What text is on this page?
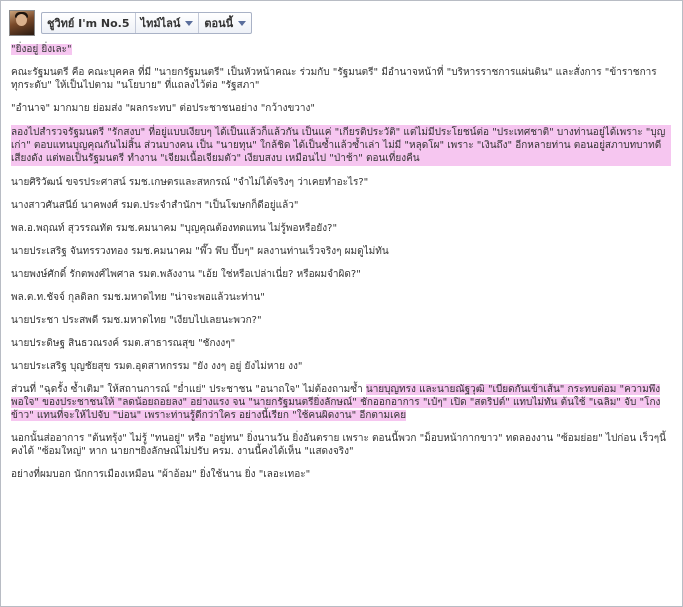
ชูวิทย์ I'm No.5 ไทม์ไลน์ ตอนนี้
"ยิ่งอยู่ ยิ่งเละ"
คณะรัฐมนตรี คือ คณะบุคคล ที่มี "นายกรัฐมนตรี" เป็นหัวหน้าคณะ ร่วมกับ "รัฐมนตรี" มีอำนาจหน้าที่ "บริหารราชการแผ่นดิน" และสั่งการ "ข้าราชการ ทุกระดับ" ให้เป็นไปตาม "นโยบาย" ที่แถลงไว้ต่อ "รัฐสภา"
"อำนาจ" มากมาย ย่อมส่ง "ผลกระทบ" ต่อประชาชนอย่าง "กว้างขวาง"
ลองไปสำรวจรัฐมนตรี "รักสงบ" ที่อยู่แบบเงียบๆ ได้เป็นแล้วก็แล้วกัน เป็นแค่ "เกียรติประวัติ" แต่ไม่มีประโยชน์ต่อ "ประเทศชาติ" บางท่านอยู่ได้เพราะ "บุญเก่า" ตอบแทนบุญคุณกันไม่สิ้น ส่วนบางคน เป็น "นายทุน" ใกล้ชิด ได้เป็นซ้ำแล้วซ้ำเล่า ไม่มี "หลุดโผ" เพราะ "เงินถึง" อีกหลายท่าน ตอนอยู่สภาบทบาทดี เสียงดัง แต่พอเป็นรัฐมนตรี ทำงาน "เจียมเนื้อเจียมตัว" เงียบสงบ เหมือนไป "ป่าช้า" ตอนเที่ยงคืน
นายศิริวัฒน์ ขจรประศาสน์ รมช.เกษตรและสหกรณ์ "จำไม่ได้จริงๆ ว่าเคยทำอะไร?"
นางสาวศันสนีย์ นาคพงศ์ รมต.ประจำสำนักฯ "เป็นโฆษกก็ดีอยู่แล้ว"
พล.อ.พฤณท์ สุวรรณทัต รมช.คมนาคม "บุญคุณต้องทดแทน ไม่รู้พอหรือยัง?"
นายประเสริฐ จันทรรวงทอง รมช.คมนาคม "พึ๊ว พึบ ปึ๊บๆ" ผลงานท่านเร็วจริงๆ ผมดูไม่ทัน
นายพงษ์ศักดิ์ รักตพงศ์ไพศาล รมต.พลังงาน "เอ้ย ใช่หรือเปล่าเนี่ย? หรือผมจำผิด?"
พล.ต.ท.ชัจจ์ กุลดิลก รมช.มหาดไทย "น่าจะพอแล้วนะท่าน"
นายประชา ประสพดี รมช.มหาดไทย "เงียบไปเลยนะพวก?"
นายประดิษฐ สินธวณรงค์ รมต.สาธารณสุข "ชักงงๆ"
นายประเสริฐ บุญชัยสุข รมต.อุตสาหกรรม "ยัง งงๆ อยู่ ยังไม่หาย งง"
ส่วนที่ "ฉุดรั้ง ซ้ำเติม" ให้สถานการณ์ "ย่ำแย่" ประชาชน "อนาถใจ" ไม่ต้องถามซ้ำ นายบุญทรง และนายณัฐวุฒิ "เบียดกันเข้าเส้น" กระทบต่อม "ความพึงพอใจ" ของประชาชนให้ "ลดน้อยถอยลง" อย่างแรง จน "นายกรัฐมนตรียิ่งลักษณ์" ชักออกอาการ "เป๋ๆ" เปิด "สตริปต์" แทบไม่ทัน ต้นใช้ "เฉลิม" จับ "โกงข้าว" แทนที่จะให้ไปจับ "บ่อน" เพราะท่านรู้ดีกว่าใคร อย่างนี้เรียก "ใช้คนผิดงาน" อีกตามเคย
นอกนั้นส่ออาการ "ต้นทรุ้ง" ไม่รู้ "ทนอยู่" หรือ "อยู่ทน" ยิ่งนานวัน ยิ่งอันตราย เพราะ ตอนนี้พวก "ม็อบหน้ากากขาว" ทดลองงาน "ซ้อมย่อย" ไปก่อน เร็วๆนี้คงได้ "ซ้อมใหญ่" หาก นายกฯยิ่งลักษณ์ไม่ปรับ ครม. งานนี้คงได้เห็น "แสดงจริง"
อย่างที่ผมบอก นักการเมืองเหมือน "ผ้าอ้อม" ยิ่งใช้นาน ยิ่ง "เลอะเทอะ"
